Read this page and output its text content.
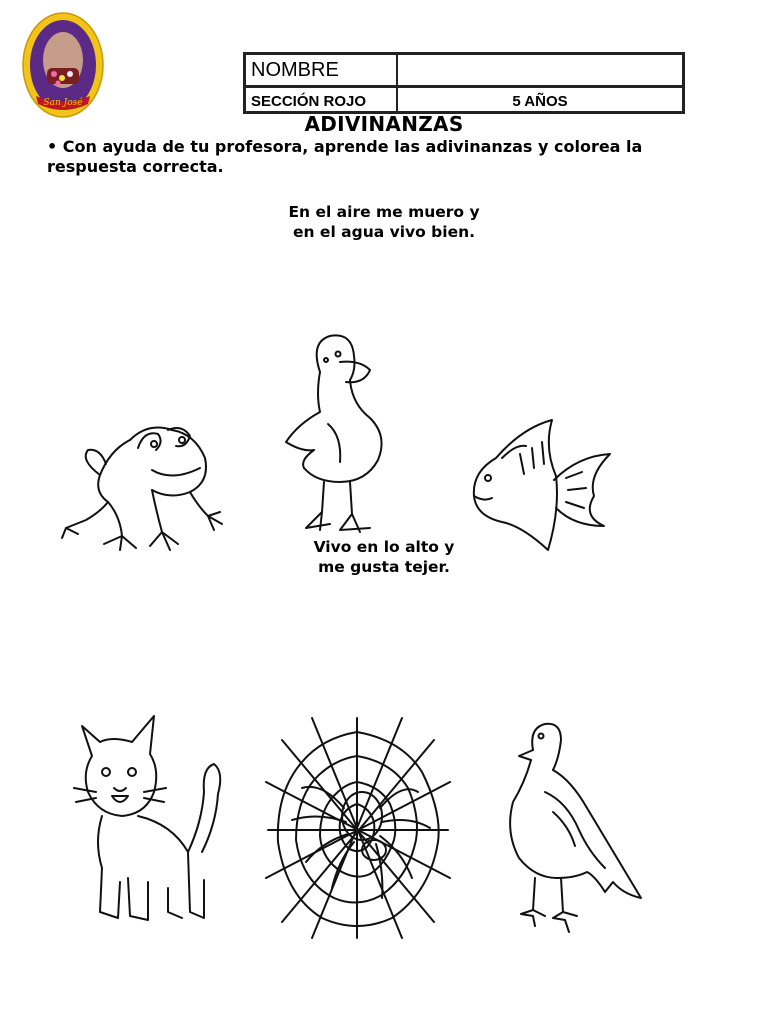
San José
NOMBRE
SECCIÓN ROJO	5 AÑOS
ADIVINANZAS
• Con ayuda de tu profesora, aprende las adivinanzas y colorea la respuesta correcta.
En el aire me muero y
en el agua vivo bien.
Vivo en lo alto y
me gusta tejer.
